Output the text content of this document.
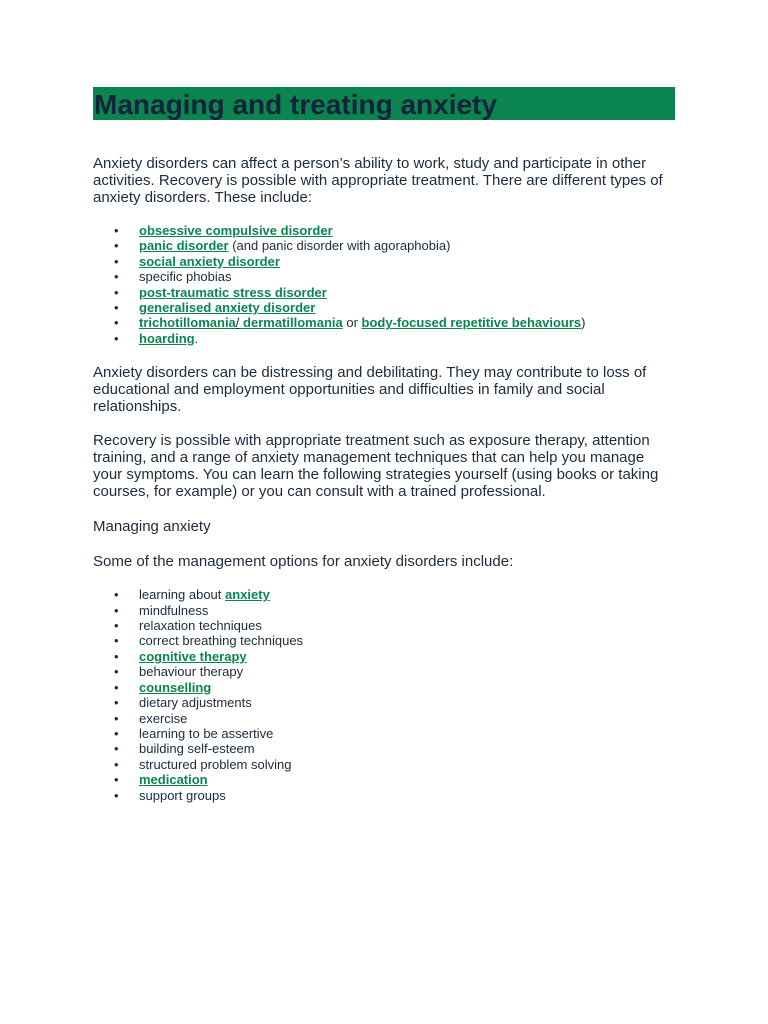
Managing and treating anxiety

Anxiety disorders can affect a person’s ability to work, study and participate in other activities. Recovery is possible with appropriate treatment. There are different types of anxiety disorders. These include:

• obsessive compulsive disorder
• panic disorder (and panic disorder with agoraphobia)
• social anxiety disorder
• specific phobias
• post-traumatic stress disorder
• generalised anxiety disorder
• trichotillomania/ dermatillomania or body-focused repetitive behaviours)
• hoarding.

Anxiety disorders can be distressing and debilitating. They may contribute to loss of educational and employment opportunities and difficulties in family and social relationships.

Recovery is possible with appropriate treatment such as exposure therapy, attention training, and a range of anxiety management techniques that can help you manage your symptoms. You can learn the following strategies yourself (using books or taking courses, for example) or you can consult with a trained professional.

Managing anxiety

Some of the management options for anxiety disorders include:

• learning about anxiety
• mindfulness
• relaxation techniques
• correct breathing techniques
• cognitive therapy
• behaviour therapy
• counselling
• dietary adjustments
• exercise
• learning to be assertive
• building self-esteem
• structured problem solving
• medication
• support groups
